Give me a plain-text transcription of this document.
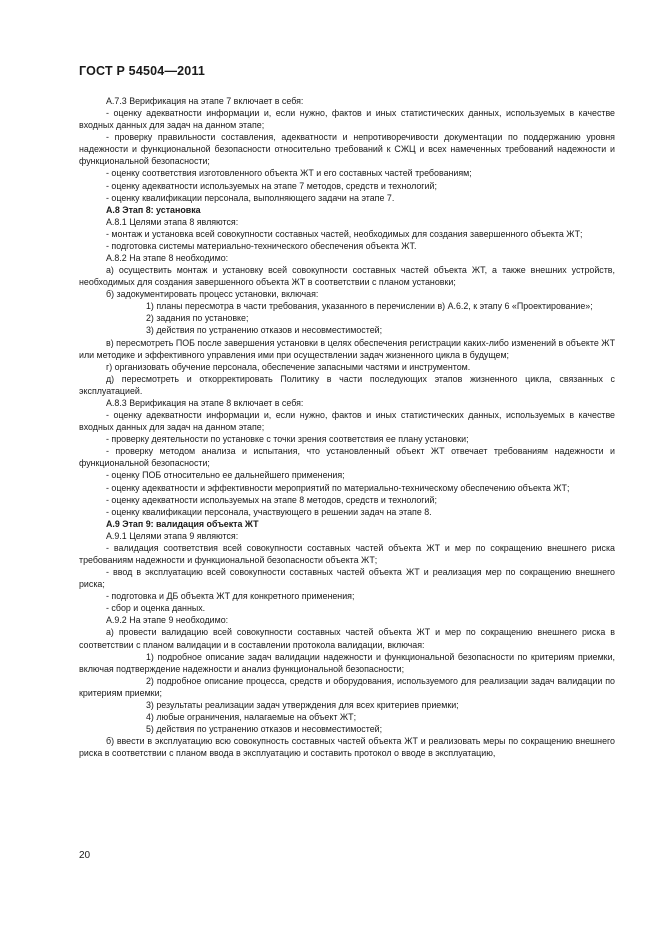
ГОСТ Р 54504—2011

А.7.3 Верификация на этапе 7 включает в себя:

- оценку адекватности информации и, если нужно, фактов и иных статистических данных, используемых в качестве входных данных для задач на данном этапе;

- проверку правильности составления, адекватности и непротиворечивости документации по поддержанию уровня надежности и функциональной безопасности относительно требований к СЖЦ и всех намеченных требований надежности и функциональной безопасности;

- оценку соответствия изготовленного объекта ЖТ и его составных частей требованиям;

- оценку адекватности используемых на этапе 7 методов, средств и технологий;

- оценку квалификации персонала, выполняющего задачи на этапе 7.

А.8 Этап 8: установка

А.8.1 Целями этапа 8 являются:

- монтаж и установка всей совокупности составных частей, необходимых для создания завершенного объекта ЖТ;

- подготовка системы материально-технического обеспечения объекта ЖТ.

А.8.2 На этапе 8 необходимо:

а) осуществить монтаж и установку всей совокупности составных частей объекта ЖТ, а также внешних устройств, необходимых для создания завершенного объекта ЖТ в соответствии с планом установки;

б) задокументировать процесс установки, включая:

1) планы пересмотра в части требования, указанного в перечислении в) А.6.2, к этапу 6 «Проектирование»;

2) задания по установке;

3) действия по устранению отказов и несовместимостей;

в) пересмотреть ПОБ после завершения установки в целях обеспечения регистрации каких-либо изменений в объекте ЖТ или методике и эффективного управления ими при осуществлении задач жизненного цикла в будущем;

г) организовать обучение персонала, обеспечение запасными частями и инструментом.

д) пересмотреть и откорректировать Политику в части последующих этапов жизненного цикла, связанных с эксплуатацией.

А.8.3 Верификация на этапе 8 включает в себя:

- оценку адекватности информации и, если нужно, фактов и иных статистических данных, используемых в качестве входных данных для задач на данном этапе;

- проверку деятельности по установке с точки зрения соответствия ее плану установки;

- проверку методом анализа и испытания, что установленный объект ЖТ отвечает требованиям надежности и функциональной безопасности;

- оценку ПОБ относительно ее дальнейшего применения;

- оценку адекватности и эффективности мероприятий по материально-техническому обеспечению объекта ЖТ;

- оценку адекватности используемых на этапе 8 методов, средств и технологий;

- оценку квалификации персонала, участвующего в решении задач на этапе 8.

А.9 Этап 9: валидация объекта ЖТ

А.9.1 Целями этапа 9 являются:

- валидация соответствия всей совокупности составных частей объекта ЖТ и мер по сокращению внешнего риска требованиям надежности и функциональной безопасности объекта ЖТ;

- ввод в эксплуатацию всей совокупности составных частей объекта ЖТ и реализация мер по сокращению внешнего риска;

- подготовка и ДБ объекта ЖТ для конкретного применения;

- сбор и оценка данных.

А.9.2 На этапе 9 необходимо:

а) провести валидацию всей совокупности составных частей объекта ЖТ и мер по сокращению внешнего риска в соответствии с планом валидации и в составлении протокола валидации, включая:

1) подробное описание задач валидации надежности и функциональной безопасности по критериям приемки, включая подтверждение надежности и анализ функциональной безопасности;

2) подробное описание процесса, средств и оборудования, используемого для реализации задач валидации по критериям приемки;

3) результаты реализации задач утверждения для всех критериев приемки;

4) любые ограничения, налагаемые на объект ЖТ;

5) действия по устранению отказов и несовместимостей;

б) ввести в эксплуатацию всю совокупность составных частей объекта ЖТ и реализовать меры по сокращению внешнего риска в соответствии с планом ввода в эксплуатацию и составить протокол о вводе в эксплуатацию,

20
